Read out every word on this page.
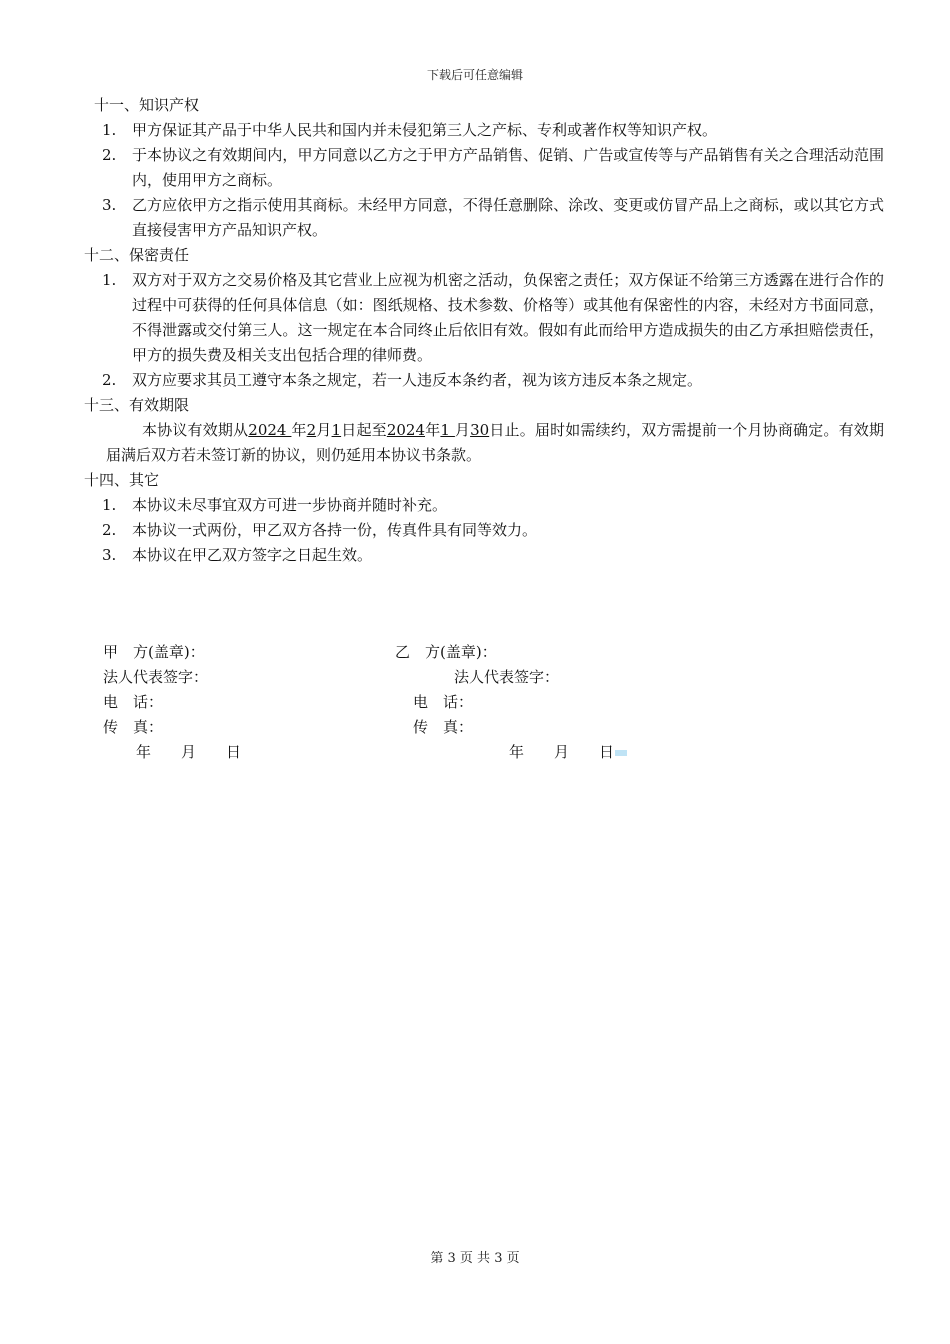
下载后可任意编辑
十一、知识产权
1.	甲方保证其产品于中华人民共和国内并未侵犯第三人之产标、专利或著作权等知识产权。
2.	于本协议之有效期间内，甲方同意以乙方之于甲方产品销售、促销、广告或宣传等与产品销售有关之合理活动范围内，使用甲方之商标。
3.	乙方应依甲方之指示使用其商标。未经甲方同意，不得任意删除、涂改、变更或仿冒产品上之商标，或以其它方式直接侵害甲方产品知识产权。
十二、保密责任
1.	双方对于双方之交易价格及其它营业上应视为机密之活动，负保密之责任；双方保证不给第三方透露在进行合作的过程中可获得的任何具体信息（如：图纸规格、技术参数、价格等）或其他有保密性的内容，未经对方书面同意，不得泄露或交付第三人。这一规定在本合同终止后依旧有效。假如有此而给甲方造成损失的由乙方承担赔偿责任，甲方的损失费及相关支出包括合理的律师费。
2.	双方应要求其员工遵守本条之规定，若一人违反本条约者，视为该方违反本条之规定。
十三、有效期限
本协议有效期从2024 年2月1日起至2024年1 月30日止。届时如需续约，双方需提前一个月协商确定。有效期届满后双方若未签订新的协议，则仍延用本协议书条款。
十四、其它
1.	本协议未尽事宜双方可进一步协商并随时补充。
2.	本协议一式两份，甲乙双方各持一份，传真件具有同等效力。
3.	本协议在甲乙双方签字之日起生效。
甲　方(盖章)：	乙　方(盖章)：
法人代表签字：	法人代表签字：
电　话：	电　话：
传　真：	传　真：
年　　月　　日	年　　月　　日
第 3 页 共 3 页
